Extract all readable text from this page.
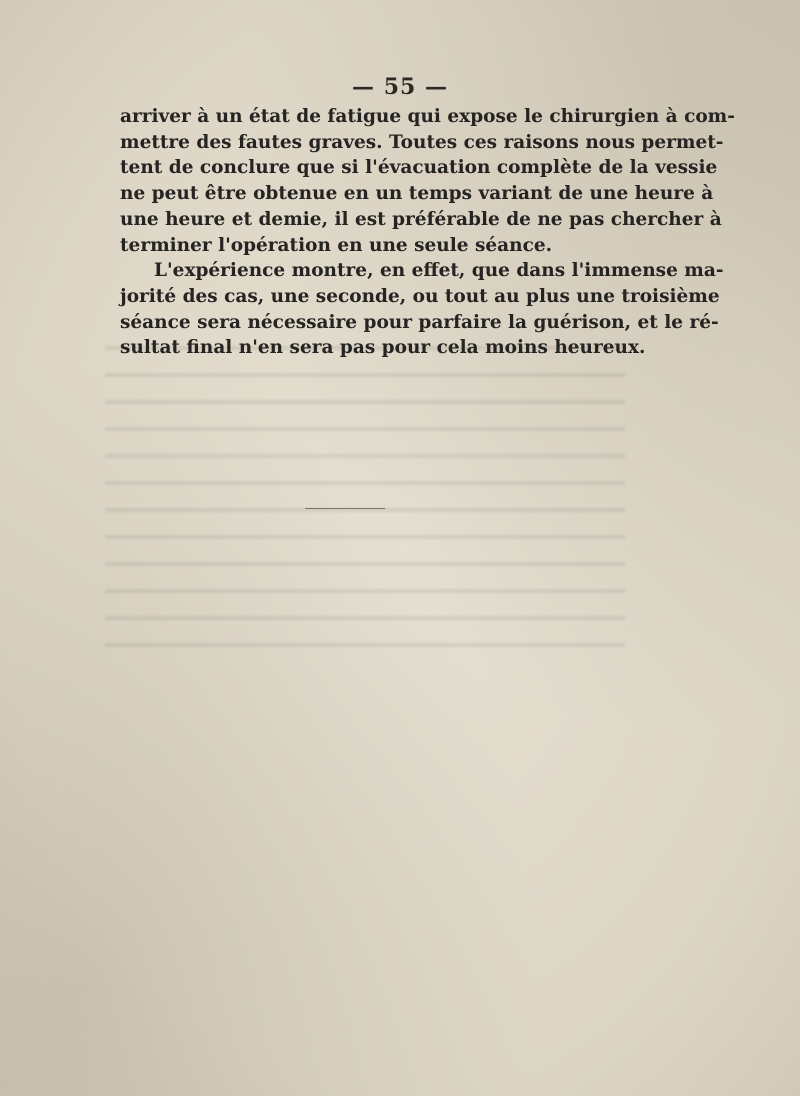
— 55 —

arriver à un état de fatigue qui expose le chirurgien à com-
mettre des fautes graves. Toutes ces raisons nous permet-
tent de conclure que si l'évacuation complète de la vessie
ne peut être obtenue en un temps variant de une heure à
une heure et demie, il est préférable de ne pas chercher à
terminer l'opération en une seule séance.

L'expérience montre, en effet, que dans l'immense ma-
jorité des cas, une seconde, ou tout au plus une troisième
séance sera nécessaire pour parfaire la guérison, et le ré-
sultat final n'en sera pas pour cela moins heureux.
